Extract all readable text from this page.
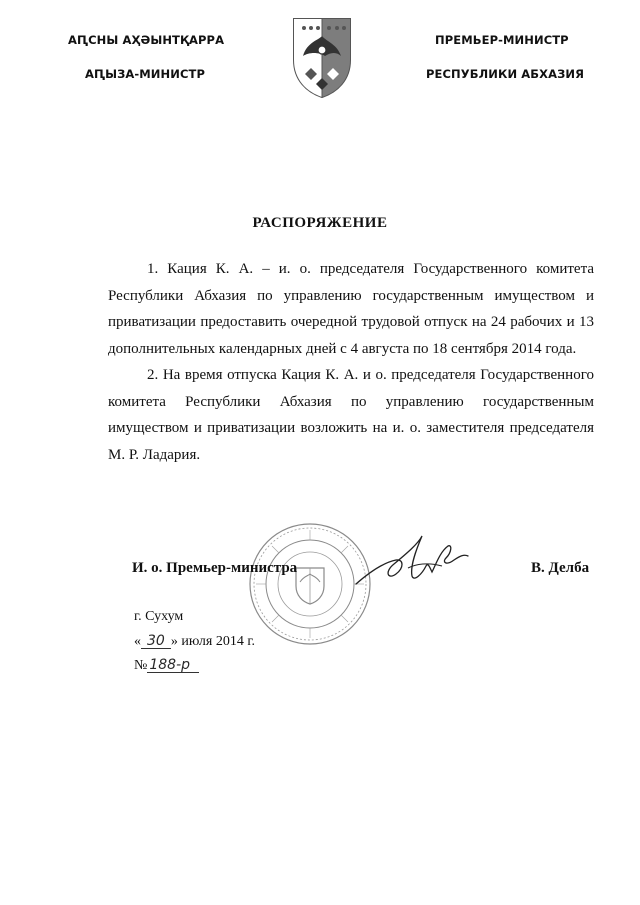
АԤСНЫ АҲӘЫНТҚАРРА
АԤЫЗА-МИНИСТР
ПРЕМЬЕР-МИНИСТР
РЕСПУБЛИКИ АБХАЗИЯ
РАСПОРЯЖЕНИЕ

1. Кация К. А. – и. о. председателя Государственного комитета Республики Абхазия по управлению государственным имуществом и приватизации предоставить очередной трудовой отпуск на 24 рабочих и 13 дополнительных календарных дней с 4 августа по 18 сентября 2014 года.

2. На время отпуска Кация К. А. и о. председателя Государственного комитета Республики Абхазия по управлению государственным имуществом и приватизации возложить на и. о. заместителя председателя М. Р. Ладария.

И. о. Премьер-министра	В. Делба
г. Сухум
« 30 » июля 2014 г.
№ 188-р
